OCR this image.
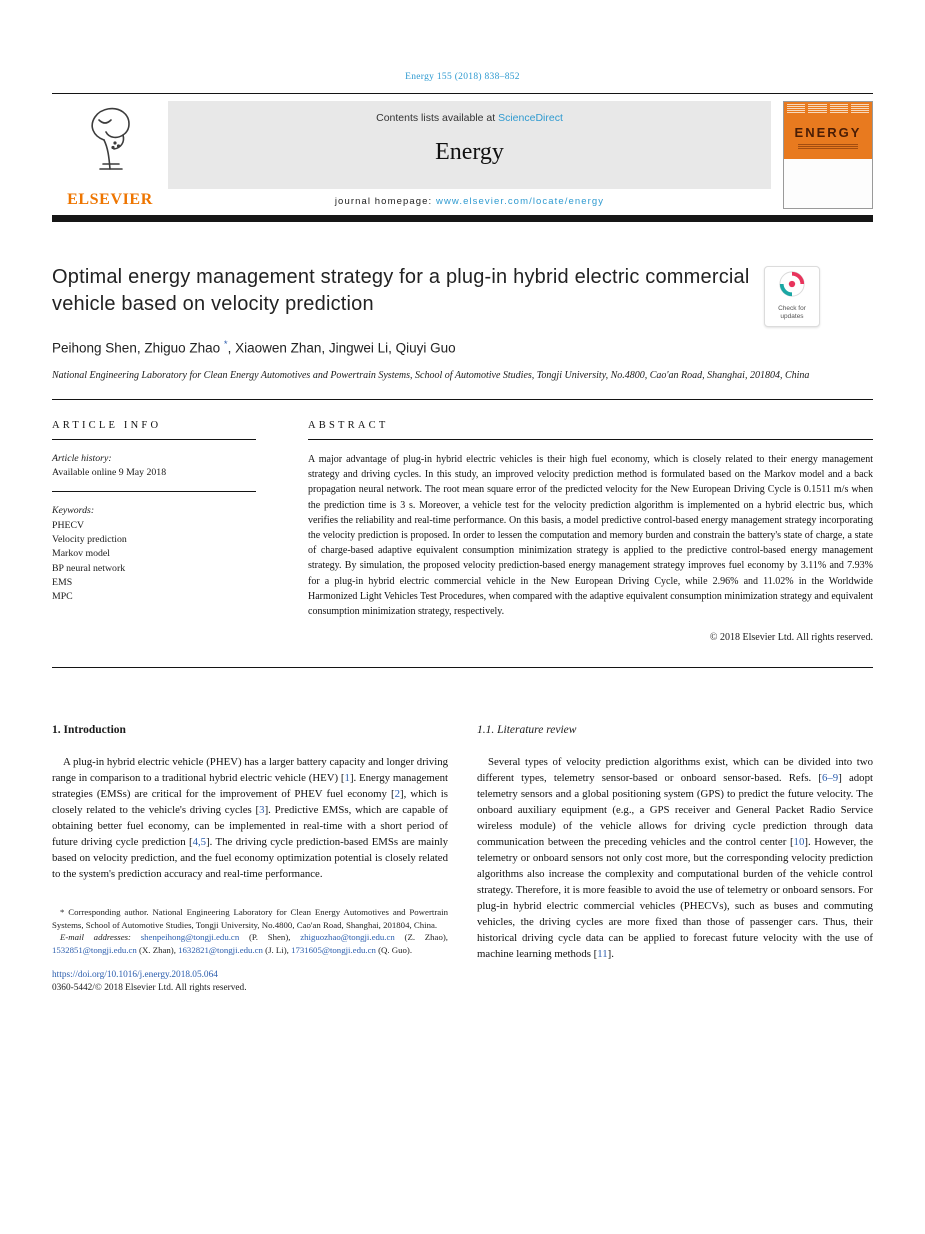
Energy 155 (2018) 838–852
ELSEVIER
Contents lists available at ScienceDirect
Energy
journal homepage: www.elsevier.com/locate/energy
ENERGY
Optimal energy management strategy for a plug-in hybrid electric commercial vehicle based on velocity prediction	Check for updates
Peihong Shen, Zhiguo Zhao *, Xiaowen Zhan, Jingwei Li, Qiuyi Guo
National Engineering Laboratory for Clean Energy Automotives and Powertrain Systems, School of Automotive Studies, Tongji University, No.4800, Cao'an Road, Shanghai, 201804, China
ARTICLE INFO
Article history:
Available online 9 May 2018
Keywords:
PHECV
Velocity prediction
Markov model
BP neural network
EMS
MPC
ABSTRACT
A major advantage of plug-in hybrid electric vehicles is their high fuel economy, which is closely related to their energy management strategy and driving cycles. In this study, an improved velocity prediction method is formulated based on the Markov model and a back propagation neural network. The root mean square error of the predicted velocity for the New European Driving Cycle is 0.1511 m/s when the prediction time is 3 s. Moreover, a vehicle test for the velocity prediction algorithm is implemented on a hybrid electric bus, which verifies the reliability and real-time performance. On this basis, a model predictive control-based energy management strategy incorporating the velocity prediction is proposed. In order to lessen the computation and memory burden and constrain the battery's state of charge, a state of charge-based adaptive equivalent consumption minimization strategy is applied to the predictive control-based energy management strategy. By simulation, the proposed velocity prediction-based energy management strategy improves fuel economy by 3.11% and 7.93% for a plug-in hybrid electric commercial vehicle in the New European Driving Cycle, while 2.96% and 11.02% in the Worldwide Harmonized Light Vehicles Test Procedures, when compared with the adaptive equivalent consumption minimization strategy and equivalent consumption minimization strategy, respectively.
© 2018 Elsevier Ltd. All rights reserved.
1. Introduction

A plug-in hybrid electric vehicle (PHEV) has a larger battery capacity and longer driving range in comparison to a traditional hybrid electric vehicle (HEV) [1]. Energy management strategies (EMSs) are critical for the improvement of PHEV fuel economy [2], which is closely related to the vehicle's driving cycles [3]. Predictive EMSs, which are capable of obtaining better fuel economy, can be implemented in real-time with a short period of future driving cycle prediction [4,5]. The driving cycle prediction-based EMSs are mainly based on velocity prediction, and the fuel economy optimization potential is closely related to the system's prediction accuracy and real-time performance.

* Corresponding author. National Engineering Laboratory for Clean Energy Automotives and Powertrain Systems, School of Automotive Studies, Tongji University, No.4800, Cao'an Road, Shanghai, 201804, China.

E-mail addresses: shenpeihong@tongji.edu.cn (P. Shen), zhiguozhao@tongji.edu.cn (Z. Zhao), 1532851@tongji.edu.cn (X. Zhan), 1632821@tongji.edu.cn (J. Li), 1731605@tongji.edu.cn (Q. Guo).

https://doi.org/10.1016/j.energy.2018.05.064
0360-5442/© 2018 Elsevier Ltd. All rights reserved.
1.1. Literature review

Several types of velocity prediction algorithms exist, which can be divided into two different types, telemetry sensor-based or onboard sensor-based. Refs. [6–9] adopt telemetry sensors and a global positioning system (GPS) to predict the future velocity. The onboard auxiliary equipment (e.g., a GPS receiver and General Packet Radio Service wireless module) of the vehicle allows for driving cycle prediction through data communication between the preceding vehicles and the control center [10]. However, the telemetry or onboard sensors not only cost more, but the corresponding velocity prediction algorithms also increase the complexity and computational burden of the vehicle control strategy. Therefore, it is more feasible to avoid the use of telemetry or onboard sensors. For plug-in hybrid electric commercial vehicles (PHECVs), such as buses and commuting vehicles, the driving cycles are more fixed than those of passenger cars. Thus, their historical driving cycle data can be applied to forecast future velocity with the use of machine learning methods [11].
